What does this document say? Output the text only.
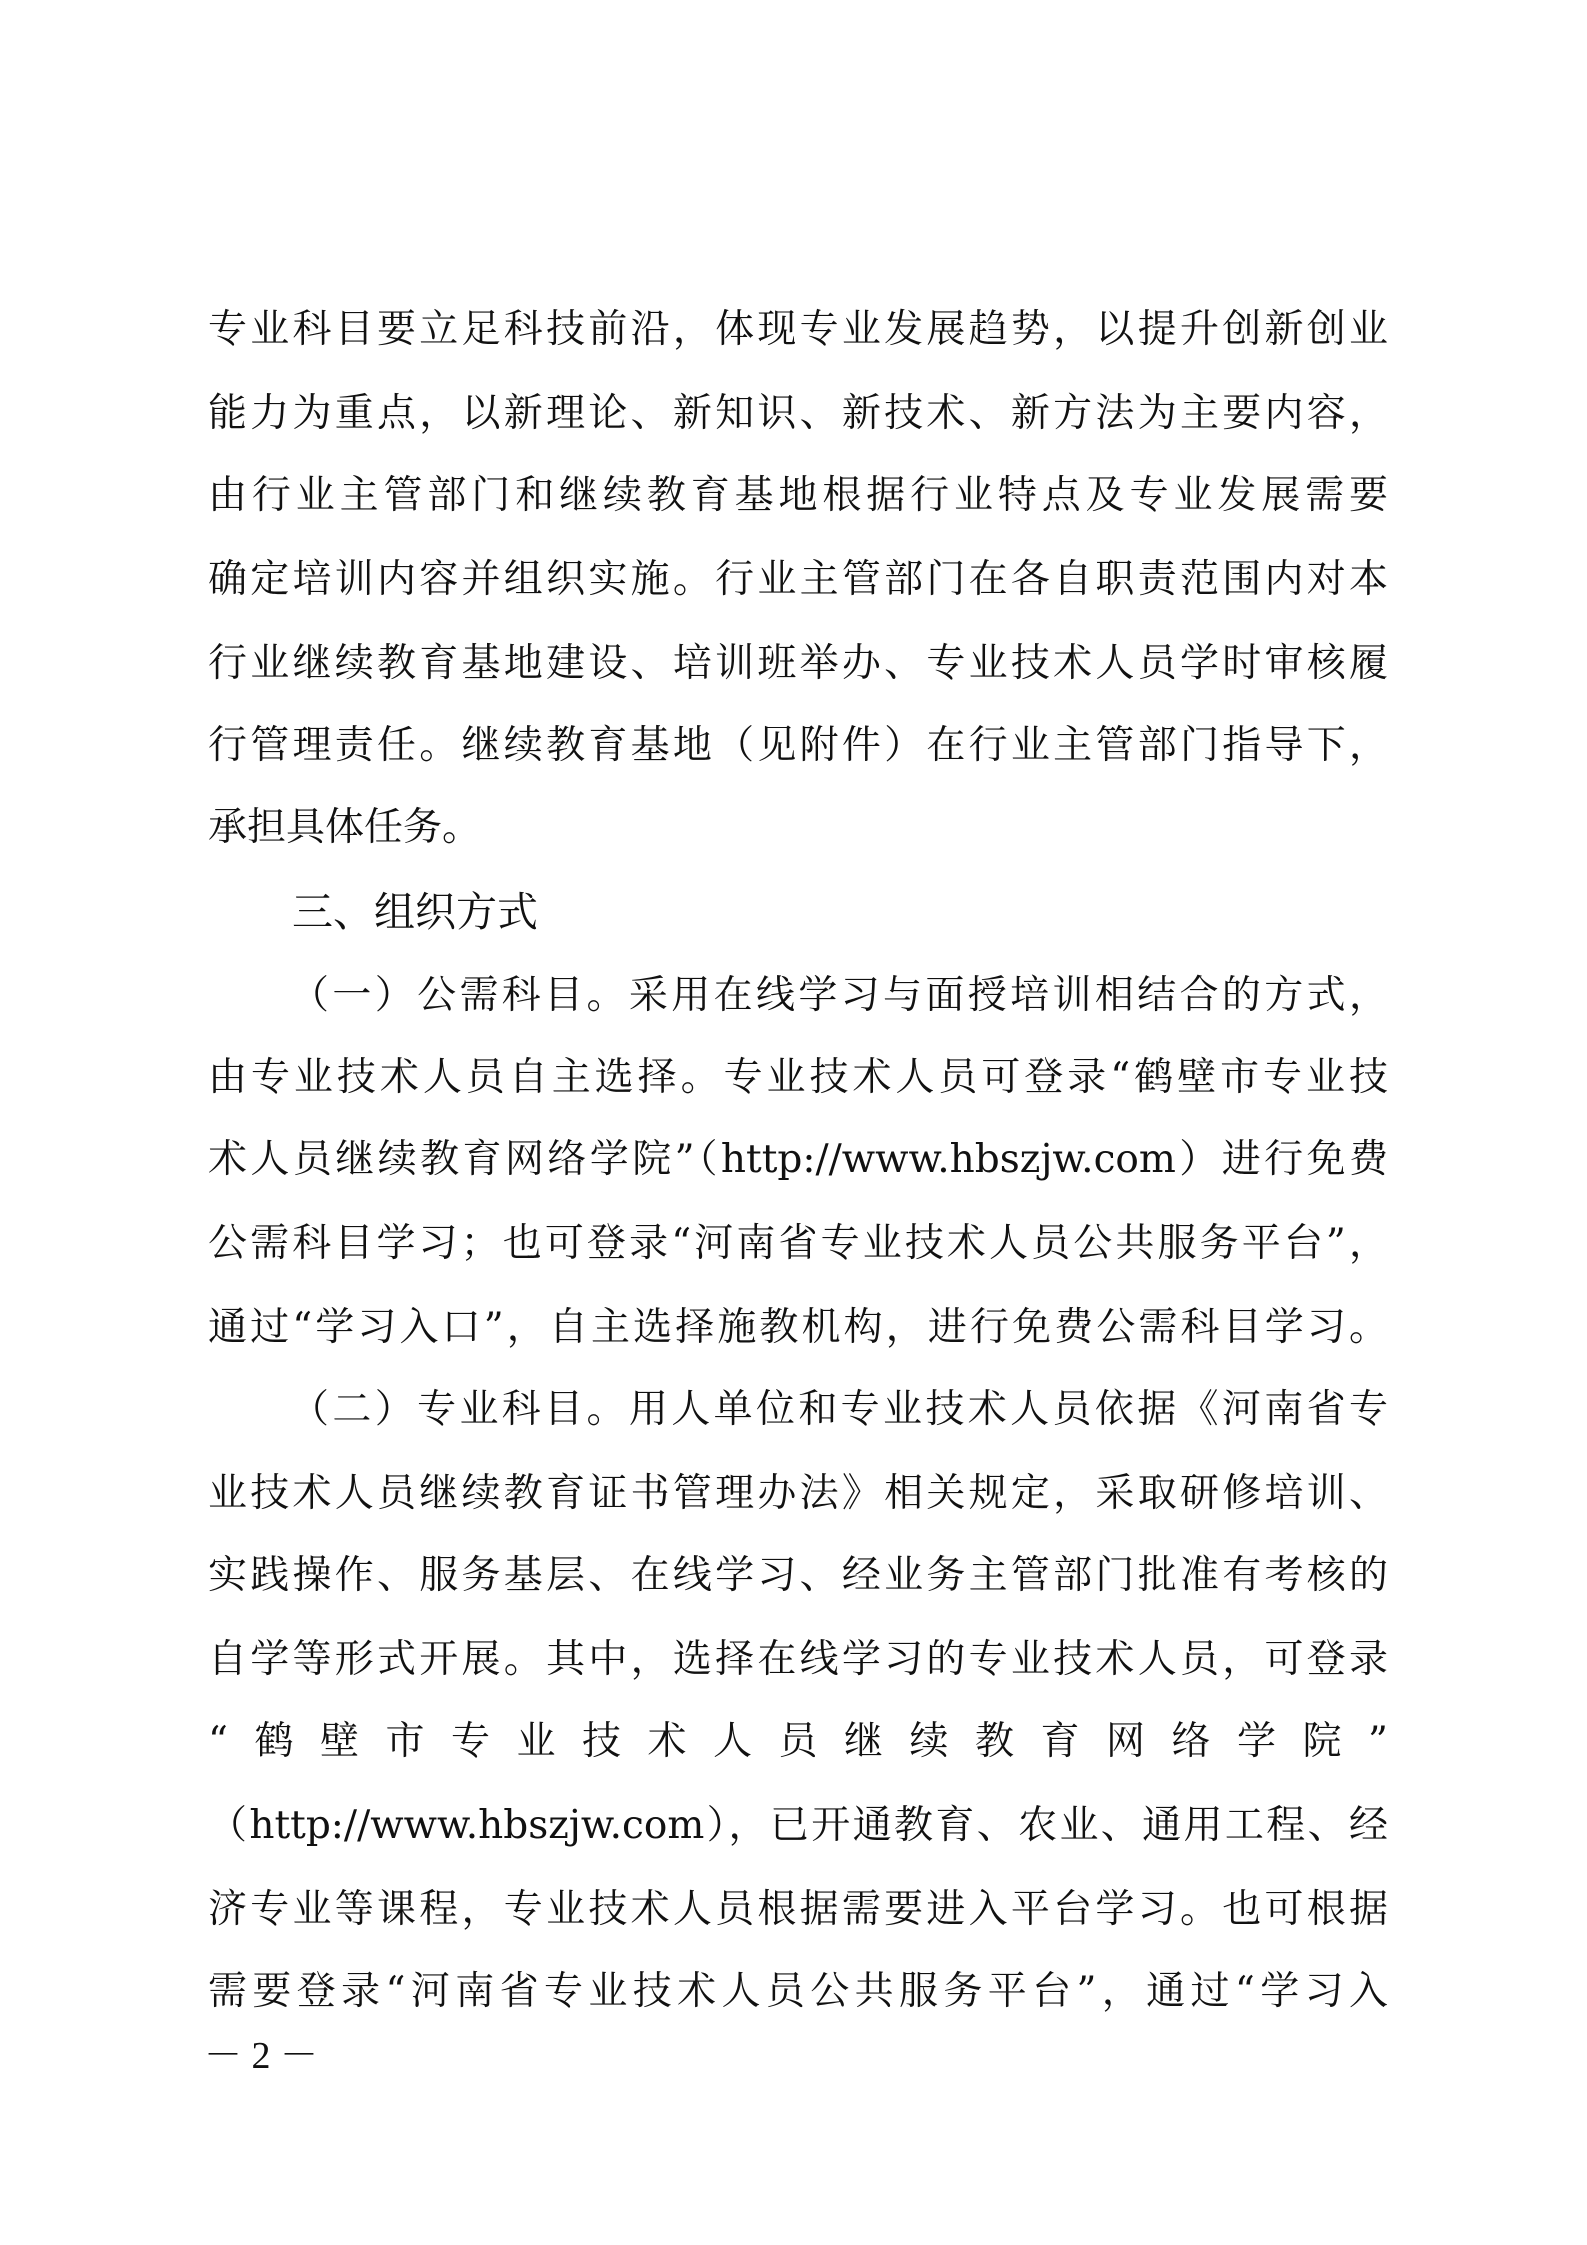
专业科目要立足科技前沿，体现专业发展趋势，以提升创新创业
能力为重点，以新理论、新知识、新技术、新方法为主要内容，
由行业主管部门和继续教育基地根据行业特点及专业发展需要
确定培训内容并组织实施。行业主管部门在各自职责范围内对本
行业继续教育基地建设、培训班举办、专业技术人员学时审核履
行管理责任。继续教育基地（见附件）在行业主管部门指导下，
承担具体任务。
三、组织方式
（一）公需科目。采用在线学习与面授培训相结合的方式，
由专业技术人员自主选择。专业技术人员可登录“鹤壁市专业技
术人员继续教育网络学院”（http://www.hbszjw.com）进行免费
公需科目学习；也可登录“河南省专业技术人员公共服务平台”，
通过“学习入口”，自主选择施教机构，进行免费公需科目学习。
（二）专业科目。用人单位和专业技术人员依据《河南省专
业技术人员继续教育证书管理办法》相关规定，采取研修培训、
实践操作、服务基层、在线学习、经业务主管部门批准有考核的
自学等形式开展。其中，选择在线学习的专业技术人员，可登录
“鹤壁市专业技术人员继续教育网络学院”
（http://www.hbszjw.com），已开通教育、农业、通用工程、经
济专业等课程，专业技术人员根据需要进入平台学习。也可根据
需要登录“河南省专业技术人员公共服务平台”，通过“学习入
－ 2 －
